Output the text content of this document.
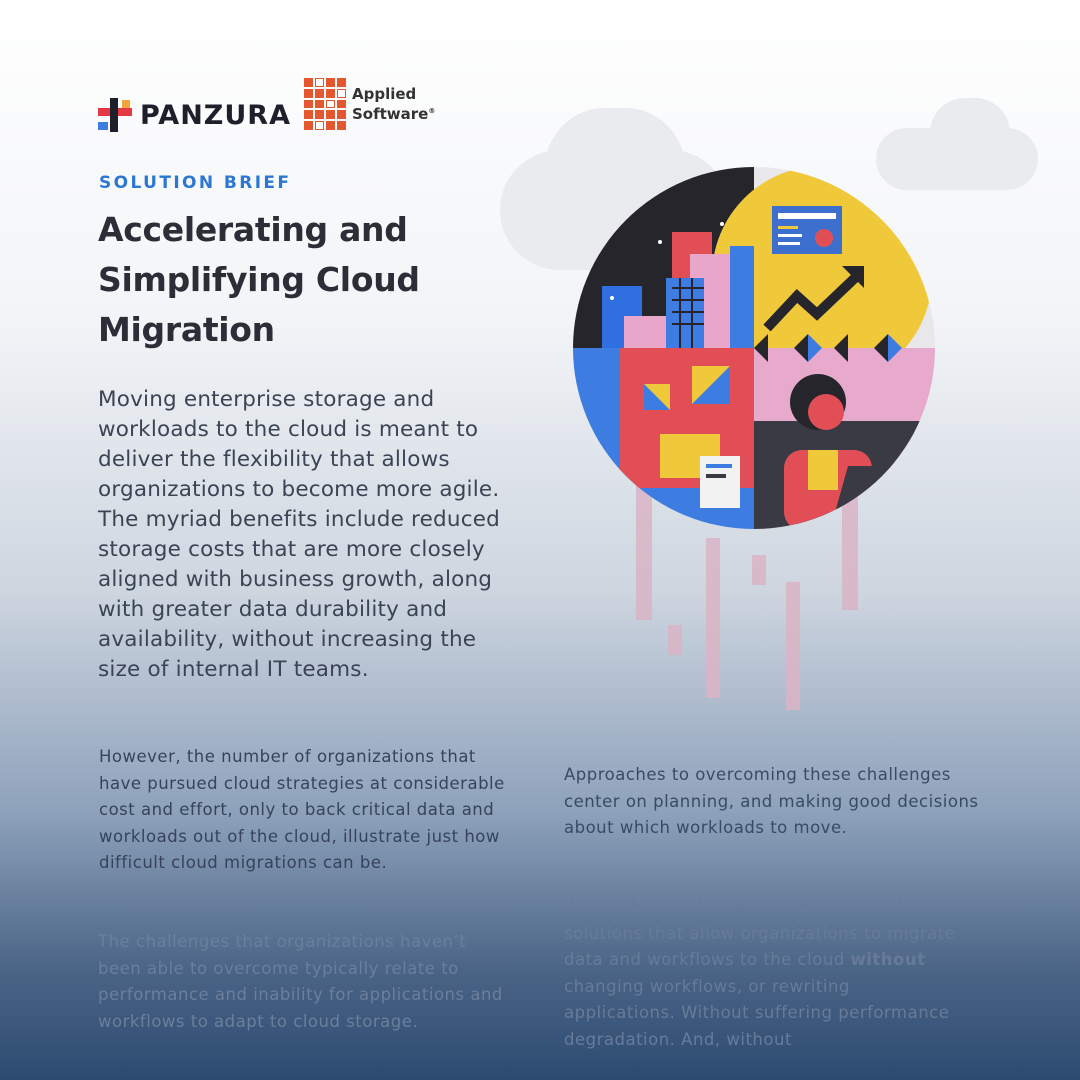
PANZURA
Applied
Software®
SOLUTION BRIEF
Accelerating and
Simplifying Cloud
Migration
Moving enterprise storage and workloads to the cloud is meant to deliver the flexibility that allows organizations to become more agile. The myriad benefits include reduced storage costs that are more closely aligned with business growth, along with greater data durability and availability, without increasing the size of internal IT teams.
However, the number of organizations that have pursued cloud strategies at considerable cost and effort, only to back critical data and workloads out of the cloud, illustrate just how difficult cloud migrations can be.
The challenges that organizations haven’t been able to overcome typically relate to performance and inability for applications and workflows to adapt to cloud storage.
Approaches to overcoming these challenges center on planning, and making good decisions about which workloads to move.
What’s frequently lacking are practical solutions that allow organizations to migrate data and workflows to the cloud without changing workflows, or rewriting applications. Without suffering performance degradation. And, without
